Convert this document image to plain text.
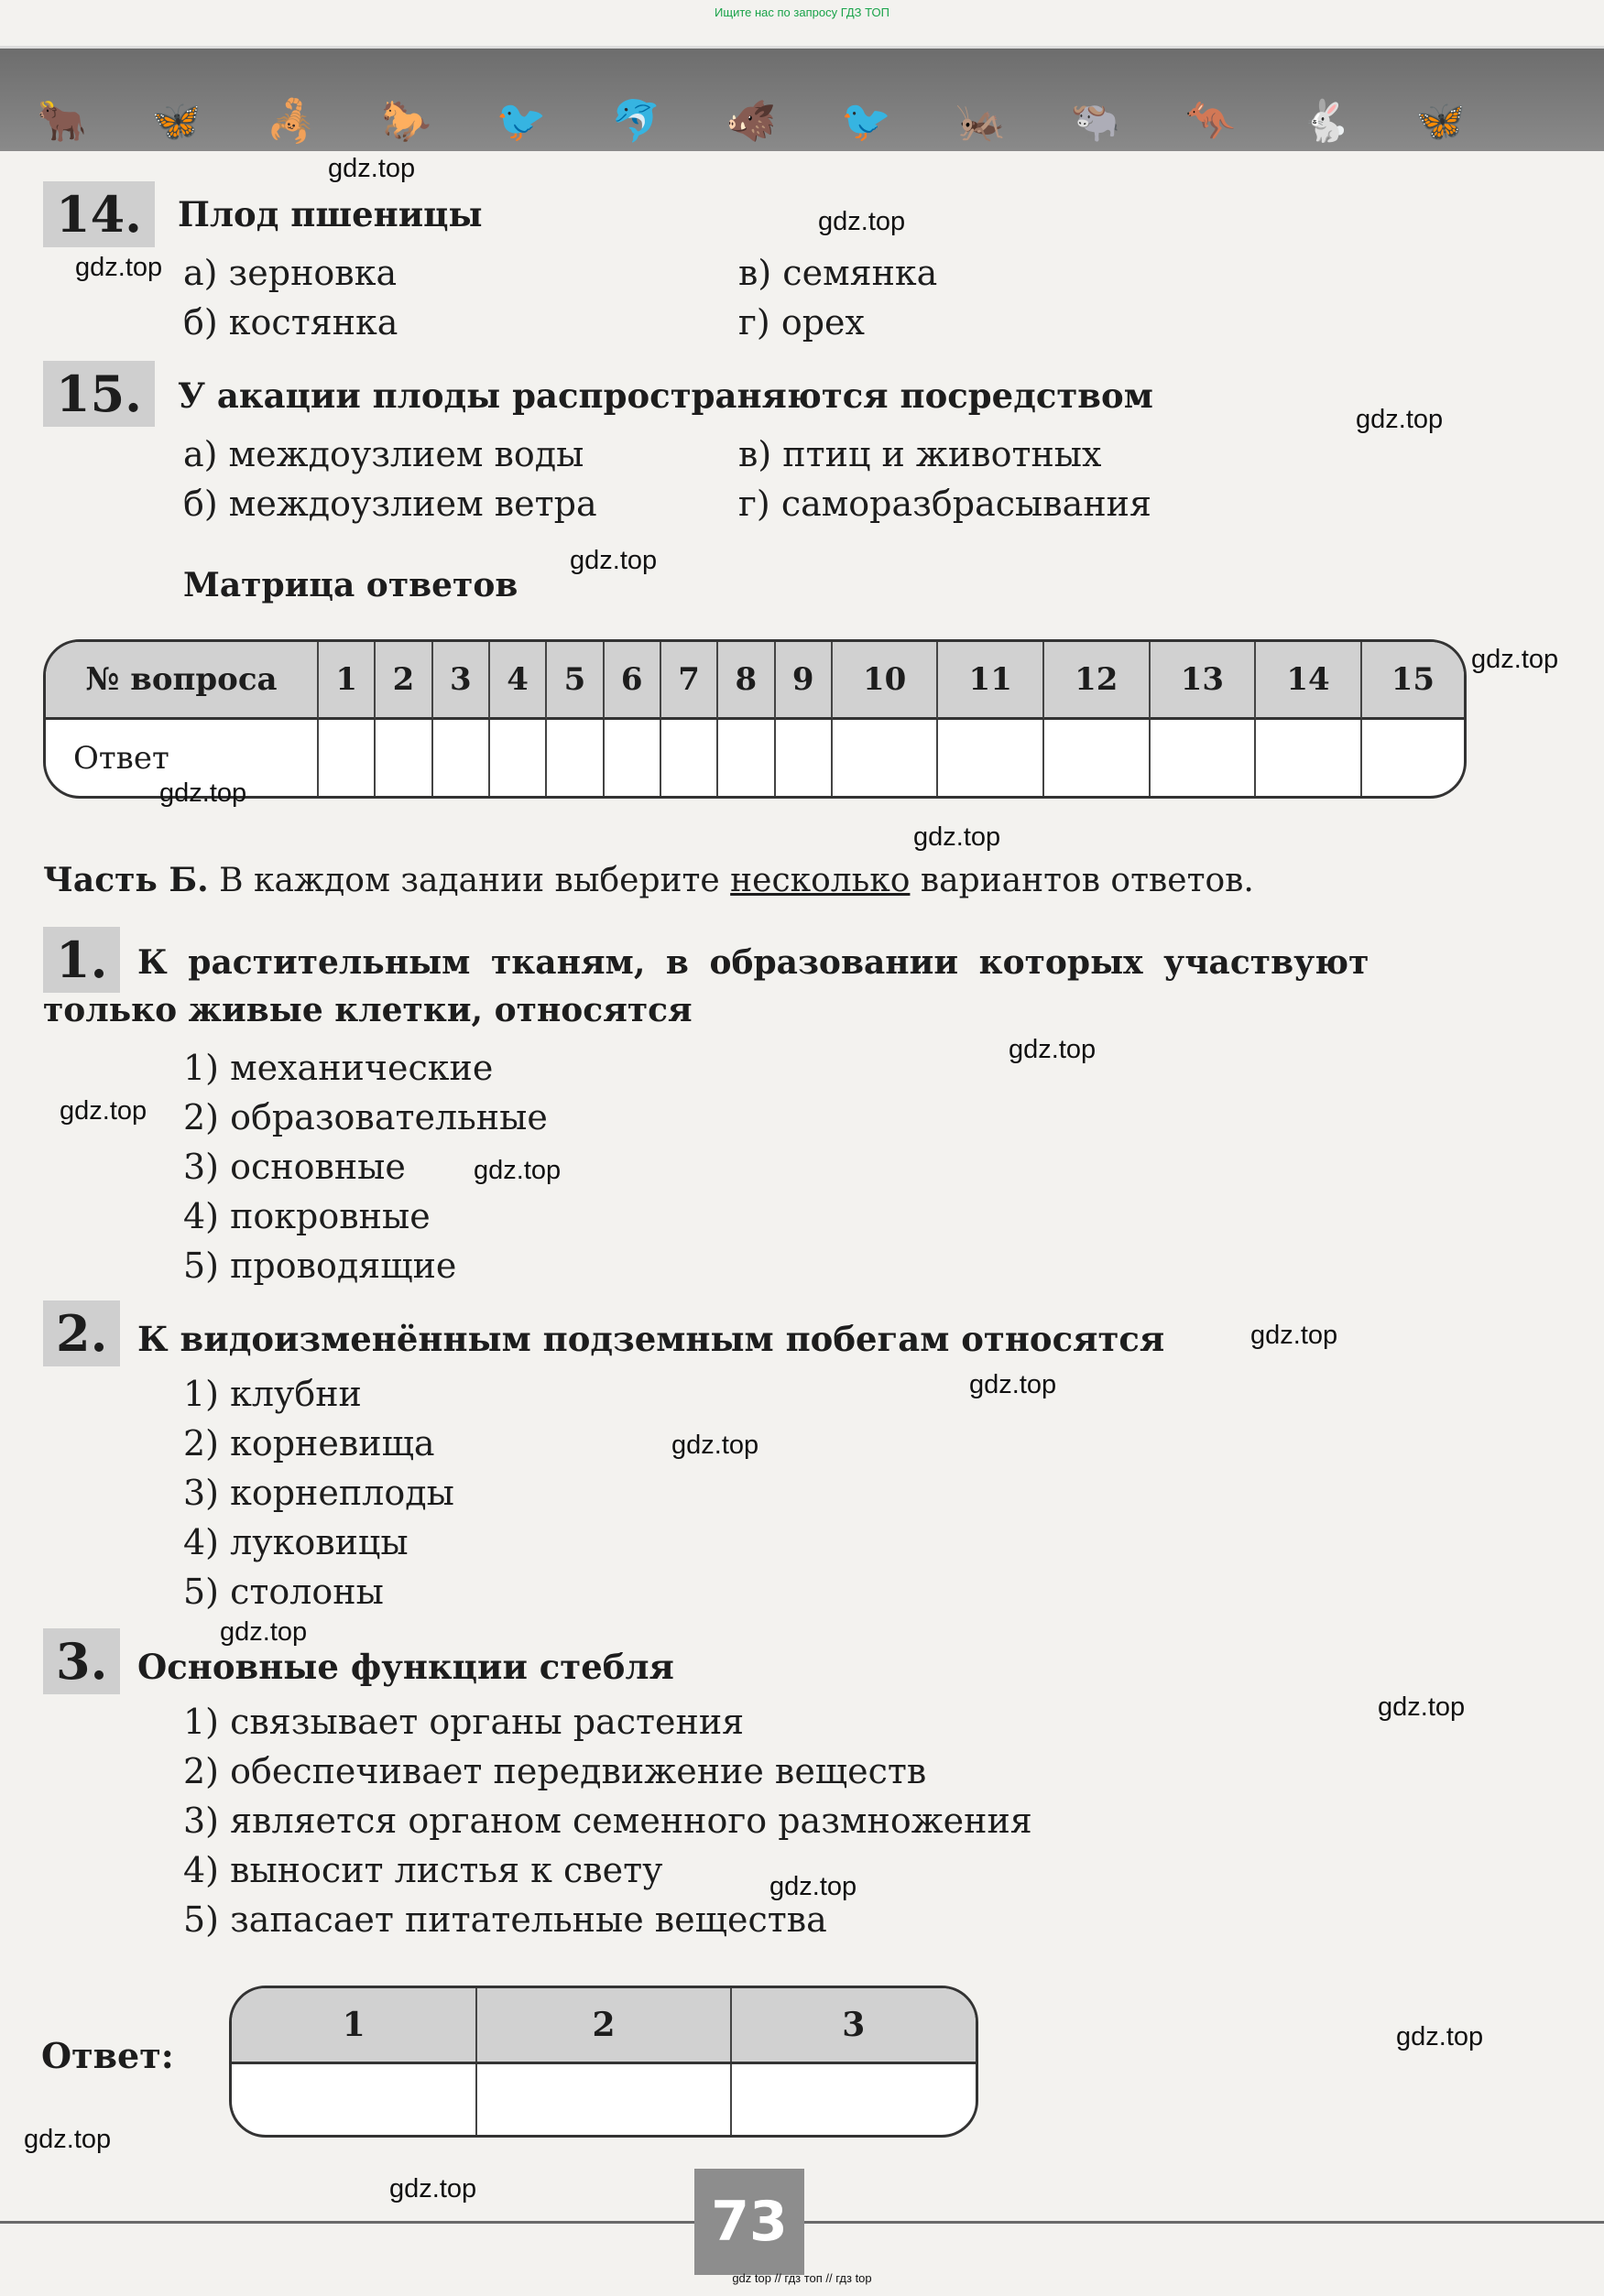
Ищите нас по запросу ГДЗ ТОП
🐂 🦋 🦂 🐎 🐦 🐬 🐗 🐦 🦗 🐃 🦘 🐇 🦋
14.	Плод пшеницы
а) зерновка
б) костянка
в) семянка
г) орех
15.	У акации плоды распространяются посредством
а) междоузлием воды
б) междоузлием ветра
в) птиц и животных
г) саморазбрасывания
Матрица ответов
№ вопроса	1	2	3	4	5	6	7	8	9	10	11	12	13	14	15
Ответ															
Часть Б. В каждом задании выберите несколько вариантов ответов.
1. К растительным тканям, в образовании которых участвуют
только живые клетки, относятся
1) механические
2) образовательные
3) основные
4) покровные
5) проводящие
2. К видоизменённым подземным побегам относятся
1) клубни
2) корневища
3) корнеплоды
4) луковицы
5) столоны
3. Основные функции стебля
1) связывает органы растения
2) обеспечивает передвижение веществ
3) является органом семенного размножения
4) выносит листья к свету
5) запасает питательные вещества
Ответ:
1	2	3

73
gdz top // гдз топ // гдз top
gdz.top
gdz.top
gdz.top
gdz.top
gdz.top
gdz.top
gdz.top
gdz.top
gdz.top
gdz.top
gdz.top
gdz.top
gdz.top
gdz.top
gdz.top
gdz.top
gdz.top
gdz.top
gdz.top
gdz.top
